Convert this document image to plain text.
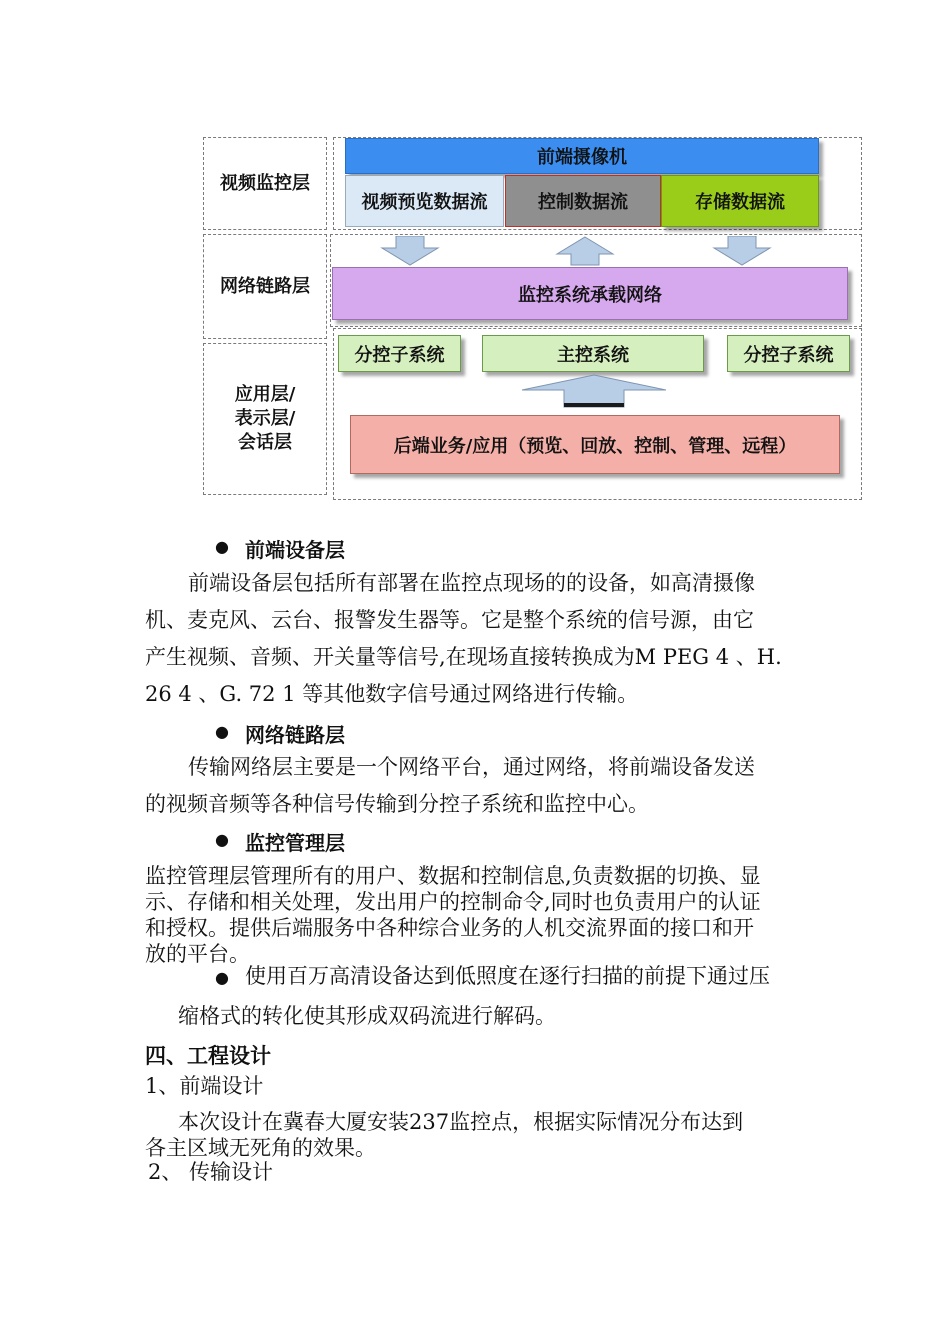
视频监控层
网络链路层
应用层/
表示层/
会话层
前端摄像机
视频预览数据流	控制数据流	存储数据流
监控系统承载网络
分控子系统	主控系统	分控子系统
后端业务/应用（预览、回放、控制、管理、远程）
● 前端设备层
前端设备层包括所有部署在监控点现场的的设备，如高清摄像
机、麦克风、云台、报警发生器等。它是整个系统的信号源，由它
产生视频、音频、开关量等信号,在现场直接转换成为M PEG 4 、H.
26 4 、G. 72 1 等其他数字信号通过网络进行传输。
● 网络链路层
传输网络层主要是一个网络平台，通过网络，将前端设备发送
的视频音频等各种信号传输到分控子系统和监控中心。
● 监控管理层
监控管理层管理所有的用户、数据和控制信息,负责数据的切换、显
示、存储和相关处理，发出用户的控制命令,同时也负责用户的认证
和授权。提供后端服务中各种综合业务的人机交流界面的接口和开
放的平台。
● 使用百万高清设备达到低照度在逐行扫描的前提下通过压
缩格式的转化使其形成双码流进行解码。
四、工程设计
1、前端设计
本次设计在冀春大厦安装237监控点，根据实际情况分布达到
各主区域无死角的效果。
2、 传输设计
